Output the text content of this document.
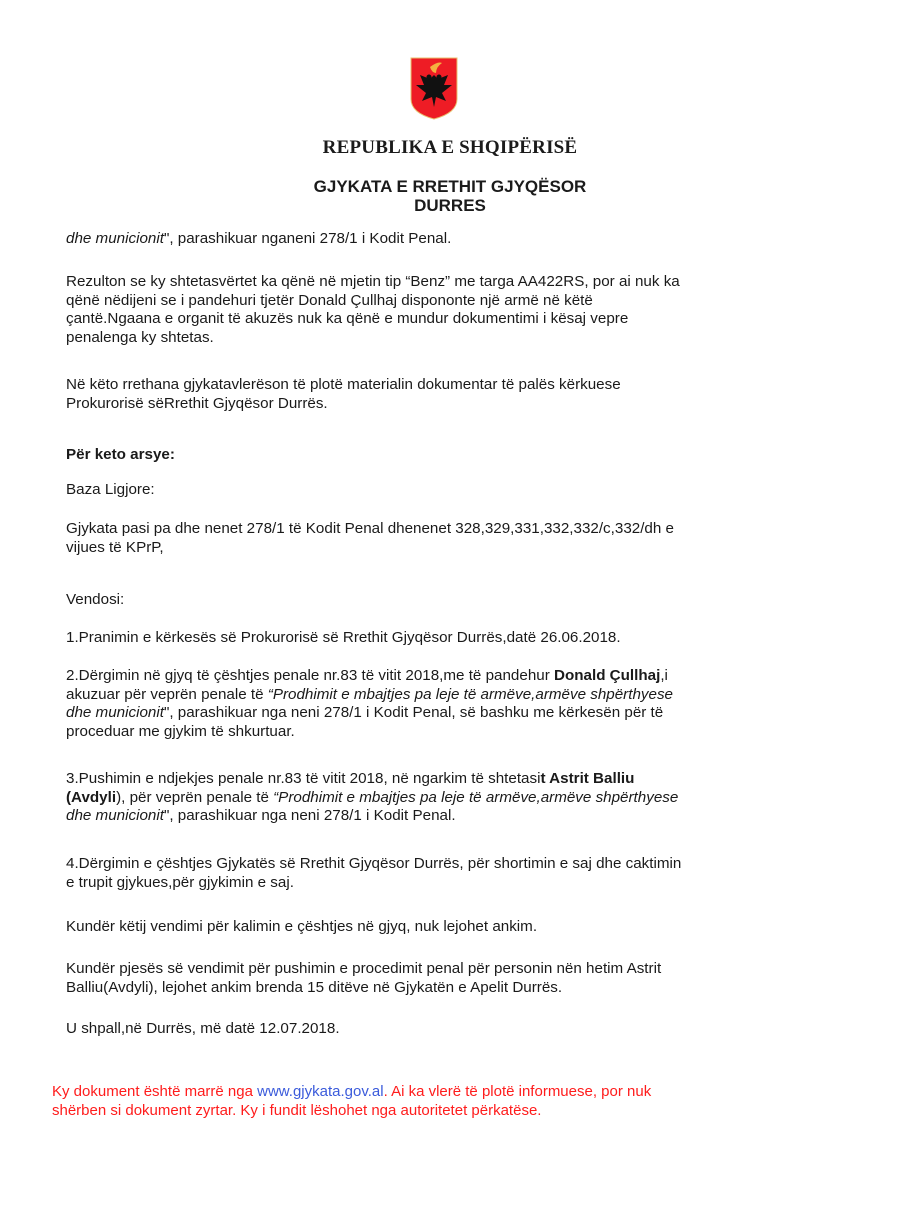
REPUBLIKA E SHQIPËRISË
GJYKATA E RRETHIT GJYQËSOR
DURRES

dhe municionit", parashikuar nganeni 278/1 i Kodit Penal.

Rezulton se ky shtetasvërtet ka qënë në mjetin tip “Benz” me targa AA422RS, por ai nuk ka
qënë nëdijeni se i pandehuri tjetër Donald Çullhaj dispononte një armë në këtë
çantë.Ngaana e organit të akuzës nuk ka qënë e mundur dokumentimi i kësaj vepre
penalenga ky shtetas.
Në këto rrethana gjykatavlerëson të plotë materialin dokumentar të palës kërkuese
Prokurorisë sëRrethit Gjyqësor Durrës.
Për keto arsye:
Baza Ligjore:
Gjykata pasi pa dhe nenet 278/1 të Kodit Penal dhenenet 328,329,331,332,332/c,332/dh e
vijues të KPrP,
Vendosi:
1.Pranimin e kërkesës së Prokurorisë së Rrethit Gjyqësor Durrës,datë 26.06.2018.
2.Dërgimin në gjyq të çështjes penale nr.83 të vitit 2018,me të pandehur Donald Çullhaj,i
akuzuar për veprën penale të “Prodhimit e mbajtjes pa leje të armëve,armëve shpërthyese
dhe municionit", parashikuar nga neni 278/1 i Kodit Penal, së bashku me kërkesën për të
proceduar me gjykim të shkurtuar.
3.Pushimin e ndjekjes penale nr.83 të vitit 2018, në ngarkim të shtetasit Astrit Balliu
(Avdyli), për veprën penale të “Prodhimit e mbajtjes pa leje të armëve,armëve shpërthyese
dhe municionit", parashikuar nga neni 278/1 i Kodit Penal.
4.Dërgimin e çështjes Gjykatës së Rrethit Gjyqësor Durrës, për shortimin e saj dhe caktimin
e trupit gjykues,për gjykimin e saj.
Kundër këtij vendimi për kalimin e çështjes në gjyq, nuk lejohet ankim.
Kundër pjesës së vendimit për pushimin e procedimit penal për personin nën hetim Astrit
Balliu(Avdyli), lejohet ankim brenda 15 ditëve në Gjykatën e Apelit Durrës.
U shpall,në Durrës, më datë 12.07.2018.
Ky dokument është marrë nga www.gjykata.gov.al. Ai ka vlerë të plotë informuese, por nuk
shërben si dokument zyrtar. Ky i fundit lëshohet nga autoritetet përkatëse.
